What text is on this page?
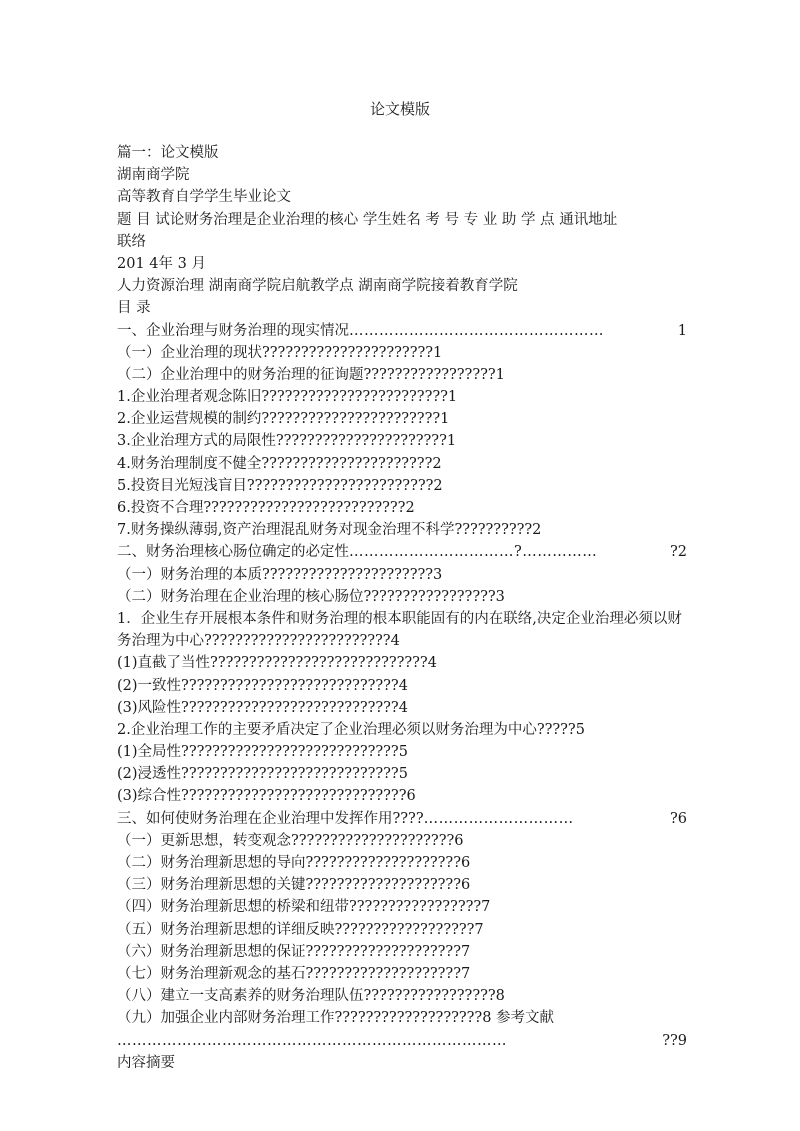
论文模版
篇一：论文模版
湖南商学院
高等教育自学学生毕业论文
题 目 试论财务治理是企业治理的核心 学生姓名 考 号 专 业 助 学 点 通讯地址
联络
201 4年 3 月
人力资源治理 湖南商学院启航教学点 湖南商学院接着教育学院
目 录
一、企业治理与财务治理的现实情况 ……………………………………………	1
（一）企业治理的现状??????????????????????1
（二）企业治理中的财务治理的征询题?????????????????1
1.企业治理者观念陈旧????????????????????????1
2.企业运营规模的制约???????????????????????1
3.企业治理方式的局限性??????????????????????1
4.财务治理制度不健全??????????????????????2
5.投资目光短浅盲目????????????????????????2
6.投资不合理??????????????????????????2
7.财务操纵薄弱,资产治理混乱财务对现金治理不科学??????????2
二、财务治理核心肠位确定的必定性 ……………………………?……………	?2
（一）财务治理的本质??????????????????????3
（二）财务治理在企业治理的核心肠位?????????????????3
1．企业生存开展根本条件和财务治理的根本职能固有的内在联络,决定企业治理必须以财务治理为中心????????????????????????4
(1)直截了当性????????????????????????????4
(2)一致性????????????????????????????4
(3)风险性????????????????????????????4
2.企业治理工作的主要矛盾决定了企业治理必须以财务治理为中心?????5
(1)全局性????????????????????????????5
(2)浸透性????????????????????????????5
(3)综合性?????????????????????????????6
三、如何使财务治理在企业治理中发挥作用???? …………………………	?6
（一）更新思想，转变观念?????????????????????6
（二）财务治理新思想的导向????????????????????6
（三）财务治理新思想的关键????????????????????6
（四）财务治理新思想的桥梁和纽带?????????????????7
（五）财务治理新思想的详细反映??????????????????7
（六）财务治理新思想的保证????????????????????7
（七）财务治理新观念的基石????????????????????7
（八）建立一支高素养的财务治理队伍?????????????????8
（九）加强企业内部财务治理工作???????????????????8 参考文献
……………………………………………………………………	??9
内容摘要
